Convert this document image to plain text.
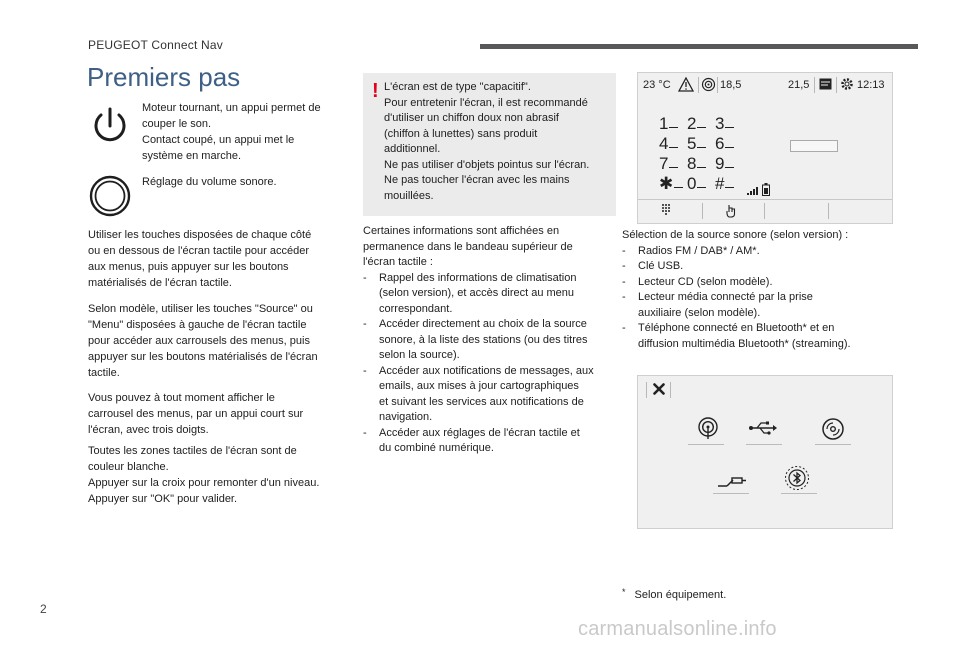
PEUGEOT Connect Nav
Premiers pas
Moteur tournant, un appui permet de
couper le son.
Contact coupé, un appui met le
système en marche.
Réglage du volume sonore.
Utiliser les touches disposées de chaque côté
ou en dessous de l'écran tactile pour accéder
aux menus, puis appuyer sur les boutons
matérialisés de l'écran tactile.
Selon modèle, utiliser les touches "Source" ou
"Menu" disposées à gauche de l'écran tactile
pour accéder aux carrousels des menus, puis
appuyer sur les boutons matérialisés de l'écran
tactile.
Vous pouvez à tout moment afficher le
carrousel des menus, par un appui court sur
l'écran, avec trois doigts.
Toutes les zones tactiles de l'écran sont de
couleur blanche.
Appuyer sur la croix pour remonter d'un niveau.
Appuyer sur "OK" pour valider.
! L'écran est de type "capacitif".
Pour entretenir l'écran, il est recommandé
d'utiliser un chiffon doux non abrasif
(chiffon à lunettes) sans produit
additionnel.
Ne pas utiliser d'objets pointus sur l'écran.
Ne pas toucher l'écran avec les mains
mouillées.
Certaines informations sont affichées en
permanence dans le bandeau supérieur de
l'écran tactile :
-	Rappel des informations de climatisation
(selon version), et accès direct au menu
correspondant.
-	Accéder directement au choix de la source
sonore, à la liste des stations (ou des titres
selon la source).
-	Accéder aux notifications de messages, aux
emails, aux mises à jour cartographiques
et suivant les services aux notifications de
navigation.
-	Accéder aux réglages de l'écran tactile et
du combiné numérique.
23 °C	18,5	21,5	12:13
1	2	3
4	5	6
7	8	9
✱ 0	#
Sélection de la source sonore (selon version) :
-	Radios FM / DAB* / AM*.
-	Clé USB.
-	Lecteur CD (selon modèle).
-	Lecteur média connecté par la prise
auxiliaire (selon modèle).
-	Téléphone connecté en Bluetooth* et en
diffusion multimédia Bluetooth* (streaming).
* Selon équipement.
2
carmanualsonline.info
